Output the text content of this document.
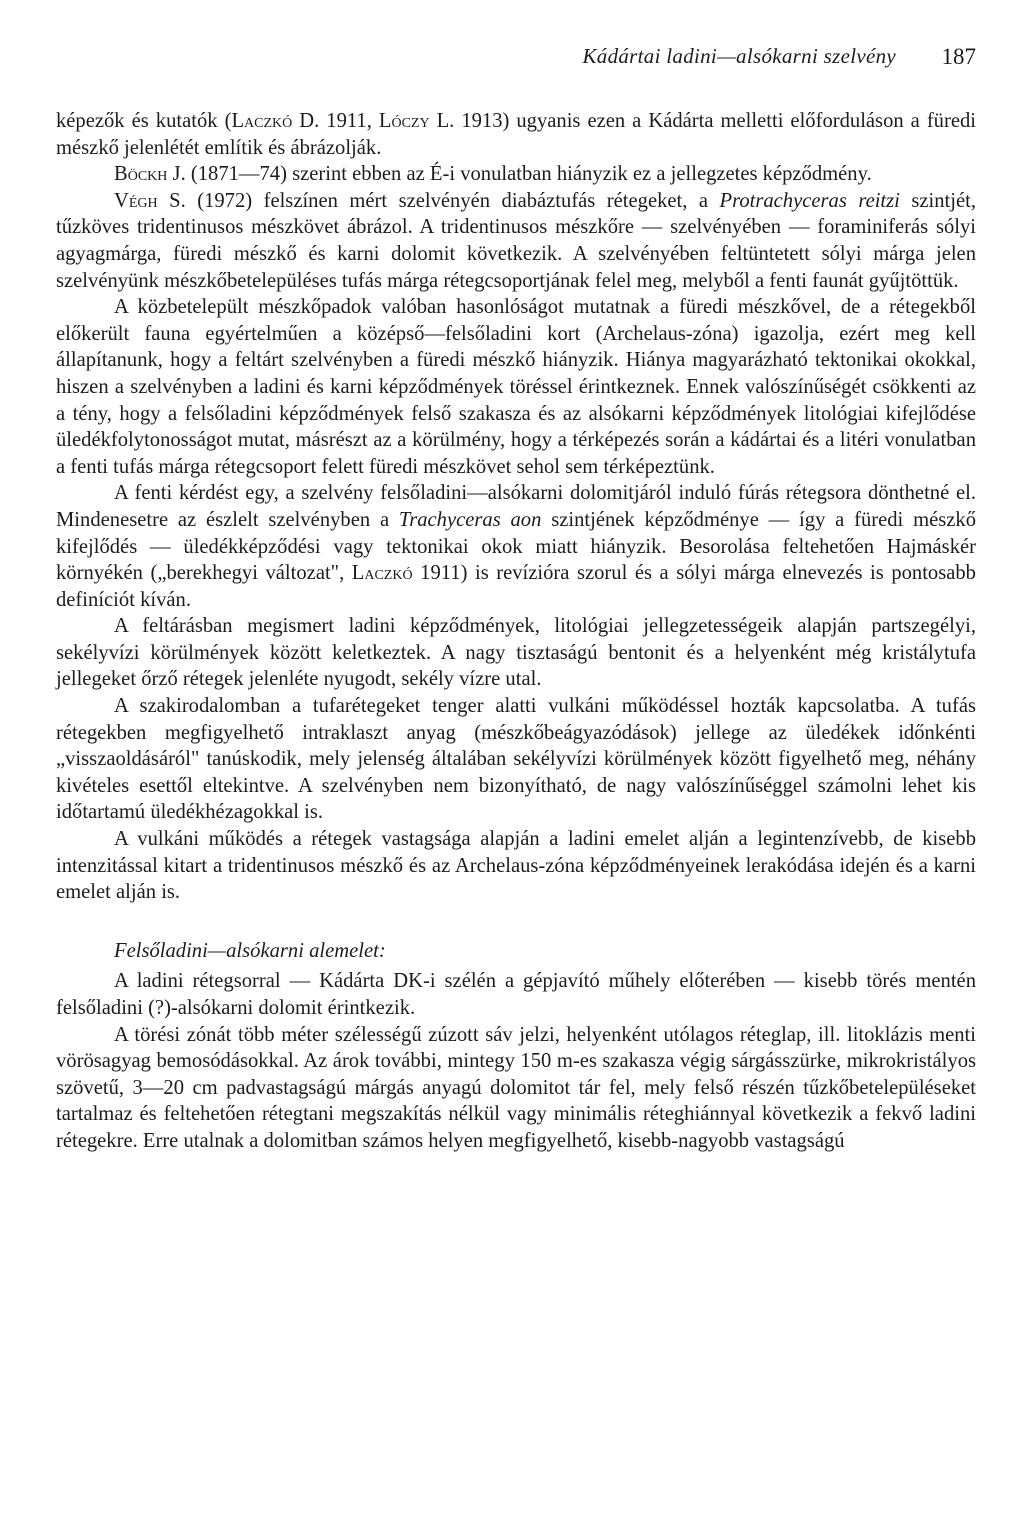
Kádártai ladini—alsókarni szelvény 187

képezők és kutatók (Laczkó D. 1911, Lóczy L. 1913) ugyanis ezen a Kádárta melletti előforduláson a füredi mészkő jelenlétét említik és ábrázolják.

Böckh J. (1871—74) szerint ebben az É-i vonulatban hiányzik ez a jellegzetes képződmény.

Végh S. (1972) felszínen mért szelvényén diabáztufás rétegeket, a Protrachyceras reitzi szintjét, tűzköves tridentinusos mészkövet ábrázol. A tridentinusos mészkőre — szelvényében — foraminiferás sólyi agyagmárga, füredi mészkő és karni dolomit következik. A szelvényében feltüntetett sólyi márga jelen szelvényünk mészkőbetelepüléses tufás márga rétegcsoportjának felel meg, melyből a fenti faunát gyűjtöttük.

A közbetelepült mészkőpadok valóban hasonlóságot mutatnak a füredi mészkővel, de a rétegekből előkerült fauna egyértelműen a középső—felsőladini kort (Archelaus-zóna) igazolja, ezért meg kell állapítanunk, hogy a feltárt szelvényben a füredi mészkő hiányzik. Hiánya magyarázható tektonikai okokkal, hiszen a szelvényben a ladini és karni képződmények töréssel érintkeznek. Ennek valószínűségét csökkenti az a tény, hogy a felsőladini képződmények felső szakasza és az alsókarni képződmények litológiai kifejlődése üledékfolytonosságot mutat, másrészt az a körülmény, hogy a térképezés során a kádártai és a litéri vonulatban a fenti tufás márga rétegcsoport felett füredi mészkövet sehol sem térképeztünk.

A fenti kérdést egy, a szelvény felsőladini—alsókarni dolomitjáról induló fúrás rétegsora dönthetné el. Mindenesetre az észlelt szelvényben a Trachyceras aon szintjének képződménye — így a füredi mészkő kifejlődés — üledékképződési vagy tektonikai okok miatt hiányzik. Besorolása feltehetően Hajmáskér környékén („berekhegyi változat", Laczkó 1911) is revízióra szorul és a sólyi márga elnevezés is pontosabb definíciót kíván.

A feltárásban megismert ladini képződmények, litológiai jellegzetességeik alapján partszegélyi, sekélyvízi körülmények között keletkeztek. A nagy tisztaságú bentonit és a helyenként még kristálytufa jellegeket őrző rétegek jelenléte nyugodt, sekély vízre utal.

A szakirodalomban a tufarétegeket tenger alatti vulkáni működéssel hozták kapcsolatba. A tufás rétegekben megfigyelhető intraklaszt anyag (mészkőbeágyazódások) jellege az üledékek időnkénti „visszaoldásáról" tanúskodik, mely jelenség általában sekélyvízi körülmények között figyelhető meg, néhány kivételes esettől eltekintve. A szelvényben nem bizonyítható, de nagy valószínűséggel számolni lehet kis időtartamú üledékhézagokkal is.

A vulkáni működés a rétegek vastagsága alapján a ladini emelet alján a legintenzívebb, de kisebb intenzitással kitart a tridentinusos mészkő és az Archelaus-zóna képződményeinek lerakódása idején és a karni emelet alján is.

Felsőladini—alsókarni alemelet:

A ladini rétegsorral — Kádárta DK-i szélén a gépjavító műhely előterében — kisebb törés mentén felsőladini (?)-alsókarni dolomit érintkezik.

A törési zónát több méter szélességű zúzott sáv jelzi, helyenként utólagos réteglap, ill. litoklázis menti vörösagyag bemosódásokkal. Az árok további, mintegy 150 m-es szakasza végig sárgásszürke, mikrokristályos szövetű, 3—20 cm padvastagságú márgás anyagú dolomitot tár fel, mely felső részén tűzkőbetelepüléseket tartalmaz és feltehetően rétegtani megszakítás nélkül vagy minimális réteghiánnyal következik a fekvő ladini rétegekre. Erre utalnak a dolomitban számos helyen megfigyelhető, kisebb-nagyobb vastagságú
